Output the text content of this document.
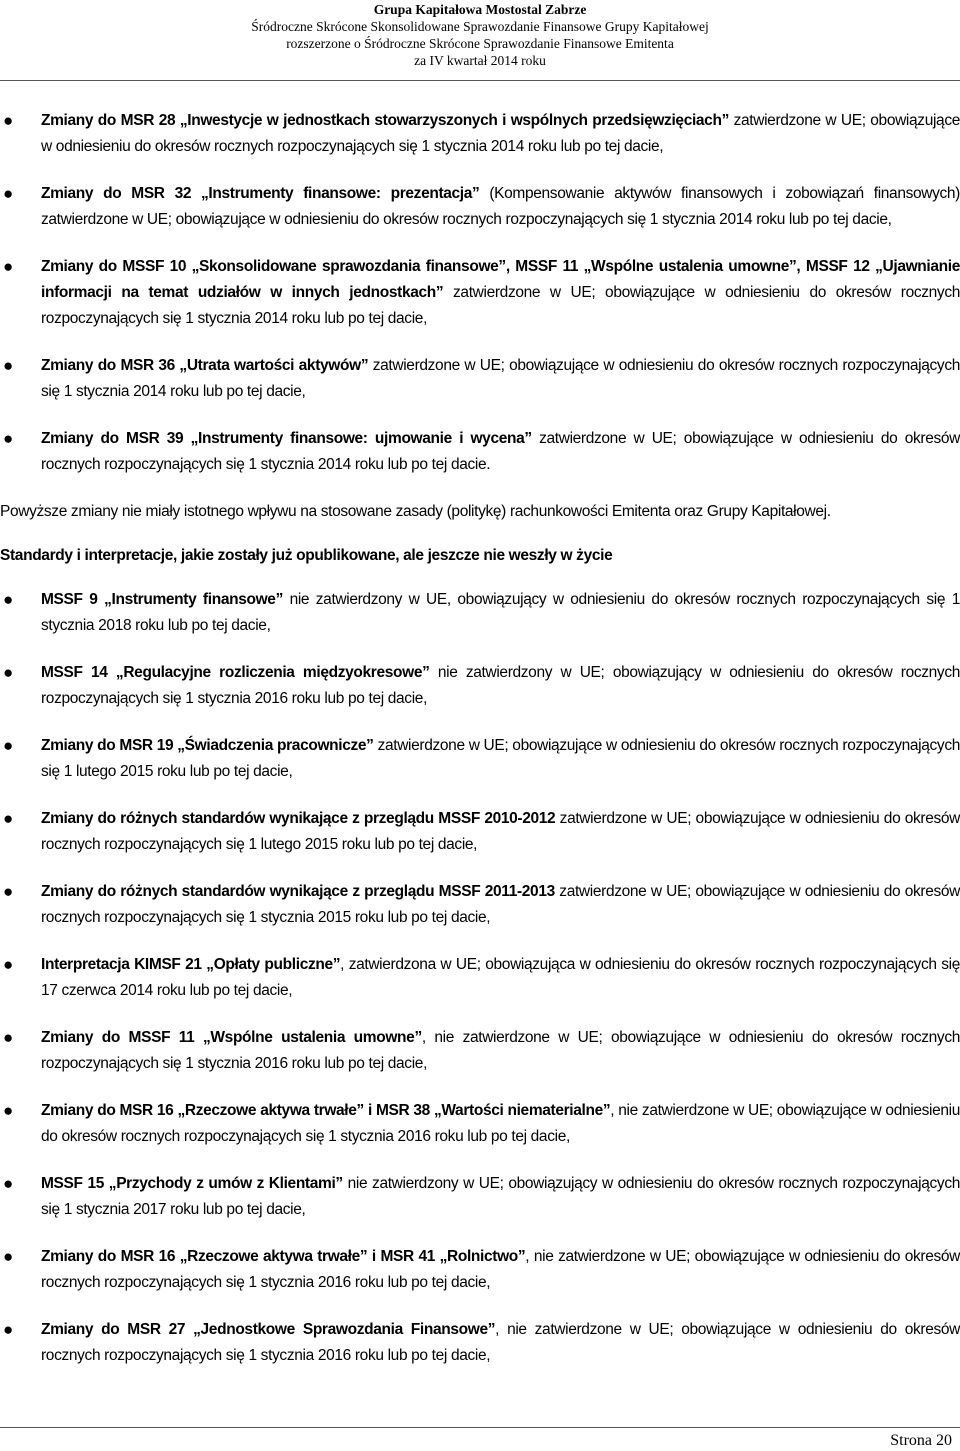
Grupa Kapitałowa Mostostal Zabrze
Śródroczne Skrócone Skonsolidowane Sprawozdanie Finansowe Grupy Kapitałowej
rozszerzone o Śródroczne Skrócone Sprawozdanie Finansowe Emitenta
za IV kwartał 2014 roku
● Zmiany do MSR 28 „Inwestycje w jednostkach stowarzyszonych i wspólnych przedsięwzięciach” zatwierdzone w UE; obowiązujące w odniesieniu do okresów rocznych rozpoczynających się 1 stycznia 2014 roku lub po tej dacie,
● Zmiany do MSR 32 „Instrumenty finansowe: prezentacja” (Kompensowanie aktywów finansowych i zobowiązań finansowych) zatwierdzone w UE; obowiązujące w odniesieniu do okresów rocznych rozpoczynających się 1 stycznia 2014 roku lub po tej dacie,
● Zmiany do MSSF 10 „Skonsolidowane sprawozdania finansowe”, MSSF 11 „Wspólne ustalenia umowne”, MSSF 12 „Ujawnianie informacji na temat udziałów w innych jednostkach” zatwierdzone w UE; obowiązujące w odniesieniu do okresów rocznych rozpoczynających się 1 stycznia 2014 roku lub po tej dacie,
● Zmiany do MSR 36 „Utrata wartości aktywów” zatwierdzone w UE; obowiązujące w odniesieniu do okresów rocznych rozpoczynających się 1 stycznia 2014 roku lub po tej dacie,
● Zmiany do MSR 39 „Instrumenty finansowe: ujmowanie i wycena” zatwierdzone w UE; obowiązujące w odniesieniu do okresów rocznych rozpoczynających się 1 stycznia 2014 roku lub po tej dacie.

Powyższe zmiany nie miały istotnego wpływu na stosowane zasady (politykę) rachunkowości Emitenta oraz Grupy Kapitałowej.

Standardy i interpretacje, jakie zostały już opublikowane, ale jeszcze nie weszły w życie

● MSSF 9 „Instrumenty finansowe” nie zatwierdzony w UE, obowiązujący w odniesieniu do okresów rocznych rozpoczynających się 1 stycznia 2018 roku lub po tej dacie,
● MSSF 14 „Regulacyjne rozliczenia międzyokresowe” nie zatwierdzony w UE; obowiązujący w odniesieniu do okresów rocznych rozpoczynających się 1 stycznia 2016 roku lub po tej dacie,
● Zmiany do MSR 19 „Świadczenia pracownicze” zatwierdzone w UE; obowiązujące w odniesieniu do okresów rocznych rozpoczynających się 1 lutego 2015 roku lub po tej dacie,
● Zmiany do różnych standardów wynikające z przeglądu MSSF 2010-2012 zatwierdzone w UE; obowiązujące w odniesieniu do okresów rocznych rozpoczynających się 1 lutego 2015 roku lub po tej dacie,
● Zmiany do różnych standardów wynikające z przeglądu MSSF 2011-2013 zatwierdzone w UE; obowiązujące w odniesieniu do okresów rocznych rozpoczynających się 1 stycznia 2015 roku lub po tej dacie,
● Interpretacja KIMSF 21 „Opłaty publiczne”, zatwierdzona w UE; obowiązująca w odniesieniu do okresów rocznych rozpoczynających się 17 czerwca 2014 roku lub po tej dacie,
● Zmiany do MSSF 11 „Wspólne ustalenia umowne”, nie zatwierdzone w UE; obowiązujące w odniesieniu do okresów rocznych rozpoczynających się 1 stycznia 2016 roku lub po tej dacie,
● Zmiany do MSR 16 „Rzeczowe aktywa trwałe” i MSR 38 „Wartości niematerialne”, nie zatwierdzone w UE; obowiązujące w odniesieniu do okresów rocznych rozpoczynających się 1 stycznia 2016 roku lub po tej dacie,
● MSSF 15 „Przychody z umów z Klientami” nie zatwierdzony w UE; obowiązujący w odniesieniu do okresów rocznych rozpoczynających się 1 stycznia 2017 roku lub po tej dacie,
● Zmiany do MSR 16 „Rzeczowe aktywa trwałe” i MSR 41 „Rolnictwo”, nie zatwierdzone w UE; obowiązujące w odniesieniu do okresów rocznych rozpoczynających się 1 stycznia 2016 roku lub po tej dacie,
● Zmiany do MSR 27 „Jednostkowe Sprawozdania Finansowe”, nie zatwierdzone w UE; obowiązujące w odniesieniu do okresów rocznych rozpoczynających się 1 stycznia 2016 roku lub po tej dacie,
Strona 20
